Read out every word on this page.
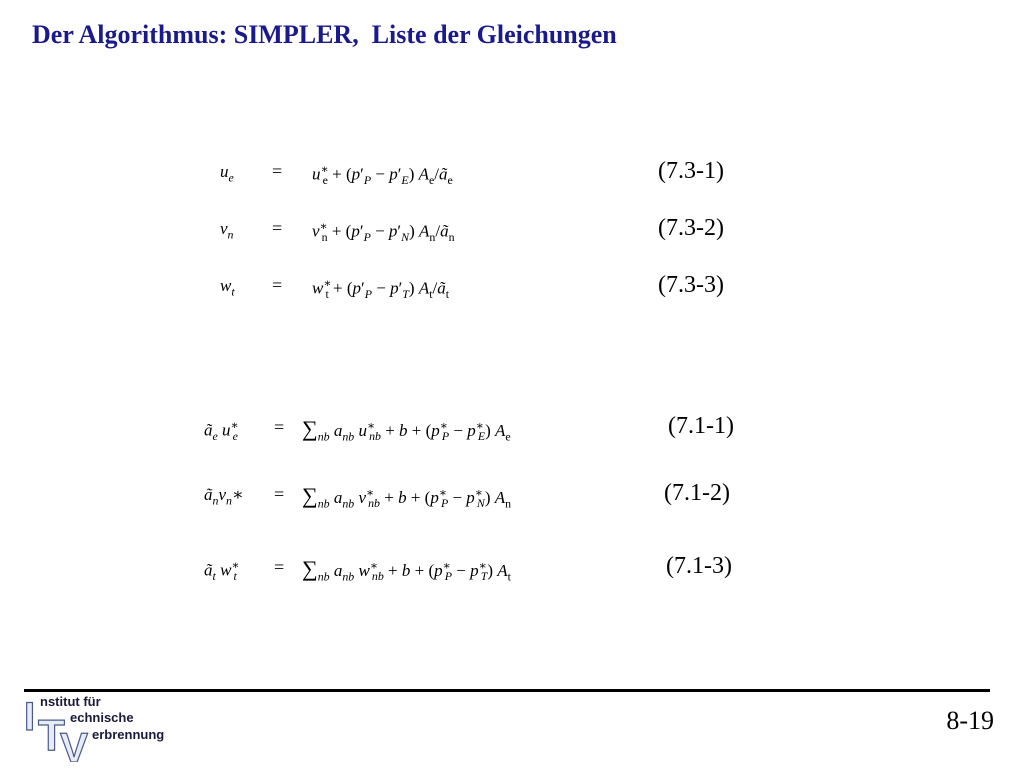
Der Algorithmus: SIMPLER,  Liste der Gleichungen
$u_e = u^∗_e + (p'_P - p'_E)$ $A_e/ã_e$	(7.3-1)
$v_n = v^∗_n + (p'_P - p'_N)$ $A_n/ã_n$	(7.3-2)
$w_t = w^∗_t + (p'_P - p'_T)$ $A_t/ã_t$	(7.3-3)
$ã_e$ $u^∗_e = \sum_{nb}$ $a_{nb}$ $u^∗_{nb} + b + (p^∗_P - p^∗_E)$ $A_e$	(7.1-1)
$ã_nv_n∗ = \sum_{nb}$ $a_{nb}$ $v^∗_{nb} + b + (p^∗_P - p^∗_N)$ $A_n$	(7.1-2)
$ã_t$ $w^∗_t = \sum_{nb}$ $a_{nb}$ $w^∗_{nb} + b + (p^∗_P - p^∗_T)$ $A_t$	(7.1-3)
I T
V
nstitut für
echnische
erbrennung	8-19
